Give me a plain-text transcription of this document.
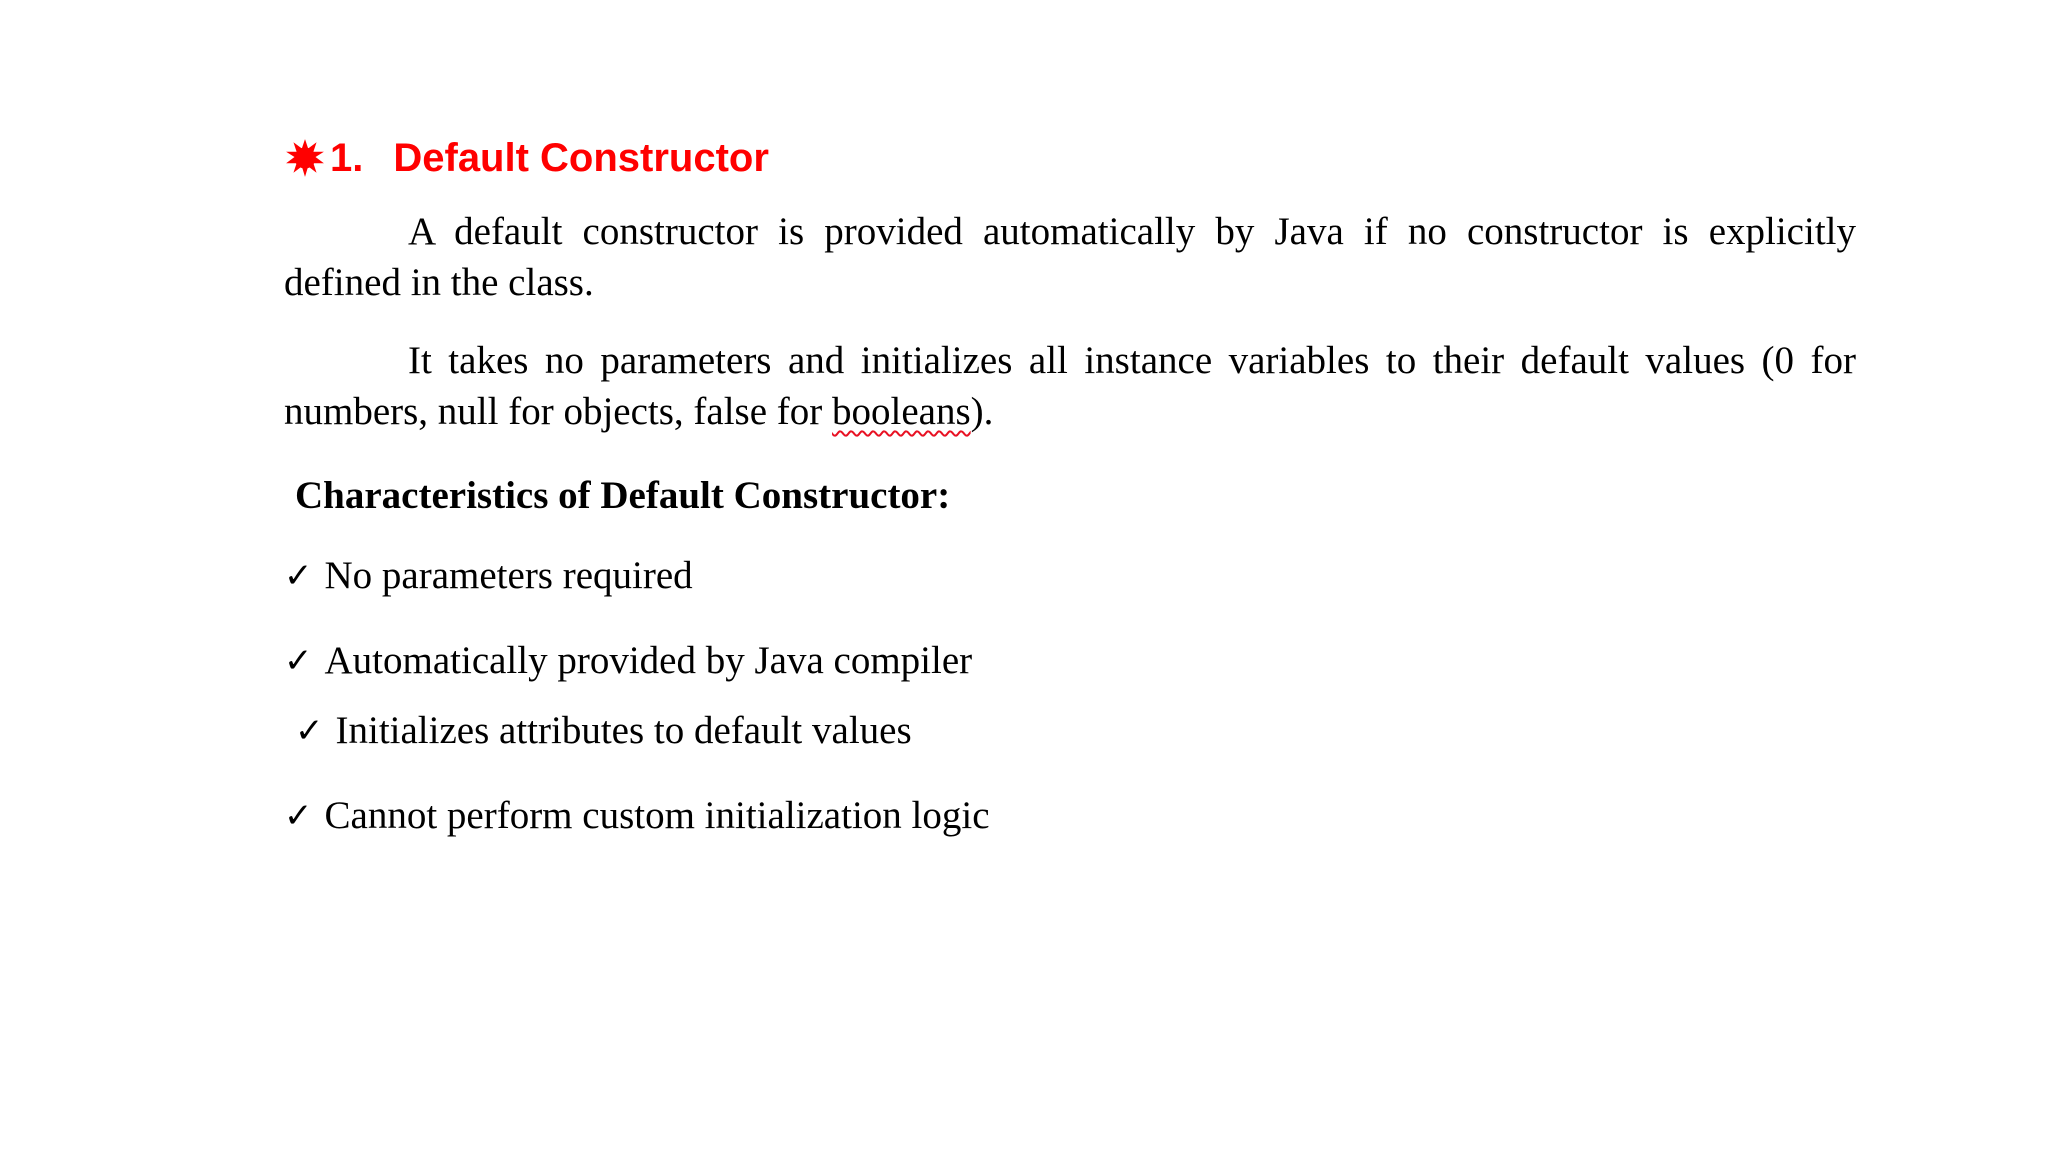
1. Default Constructor

A default constructor is provided automatically by Java if no constructor is explicitly defined in the class.

It takes no parameters and initializes all instance variables to their default values (0 for numbers, null for objects, false for booleans).

Characteristics of Default Constructor:
✓ No parameters required
✓ Automatically provided by Java compiler
✓ Initializes attributes to default values
✓ Cannot perform custom initialization logic
